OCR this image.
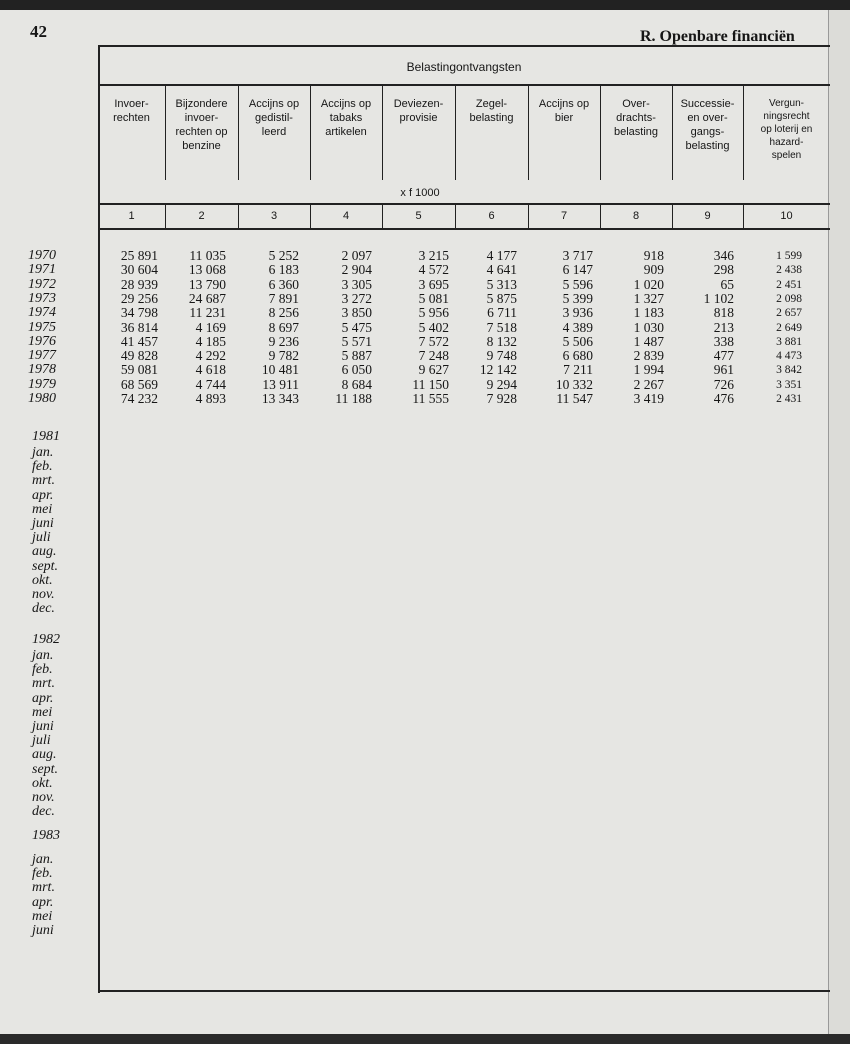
42	R. Openbare financiën
Belastingontvangsten
x f 1000
Invoer-
rechten
1
Bijzondere
invoer-
rechten op
benzine
2
Accijns op
gedistil-
leerd
3
Accijns op
tabaks
artikelen
4
Deviezen-
provisie
5
Zegel-
belasting
6
Accijns op
bier
7
Over-
drachts-
belasting
8
Successie-
en over-
gangs-
belasting
9
Vergun-
ningsrecht
op loterij en
hazard-
spelen
10
1970	25 891	11 035	5 252	2 097	3 215	4 177	3 717	918	346	1 599
1971	30 604	13 068	6 183	2 904	4 572	4 641	6 147	909	298	2 438
1972	28 939	13 790	6 360	3 305	3 695	5 313	5 596	1 020	65	2 451
1973	29 256	24 687	7 891	3 272	5 081	5 875	5 399	1 327	1 102	2 098
1974	34 798	11 231	8 256	3 850	5 956	6 711	3 936	1 183	818	2 657
1975	36 814	4 169	8 697	5 475	5 402	7 518	4 389	1 030	213	2 649
1976	41 457	4 185	9 236	5 571	7 572	8 132	5 506	1 487	338	3 881
1977	49 828	4 292	9 782	5 887	7 248	9 748	6 680	2 839	477	4 473
1978	59 081	4 618	10 481	6 050	9 627	12 142	7 211	1 994	961	3 842
1979	68 569	4 744	13 911	8 684	11 150	9 294	10 332	2 267	726	3 351
1980	74 232	4 893	13 343	11 188	11 555	7 928	11 547	3 419	476	2 431
1981
jan.
feb.
mrt.
apr.
mei
juni
juli
aug.
sept.
okt.
nov.
dec.
1982
jan.
feb.
mrt.
apr.
mei
juni
juli
aug.
sept.
okt.
nov.
dec.
1983
jan.
feb.
mrt.
apr.
mei
juni
